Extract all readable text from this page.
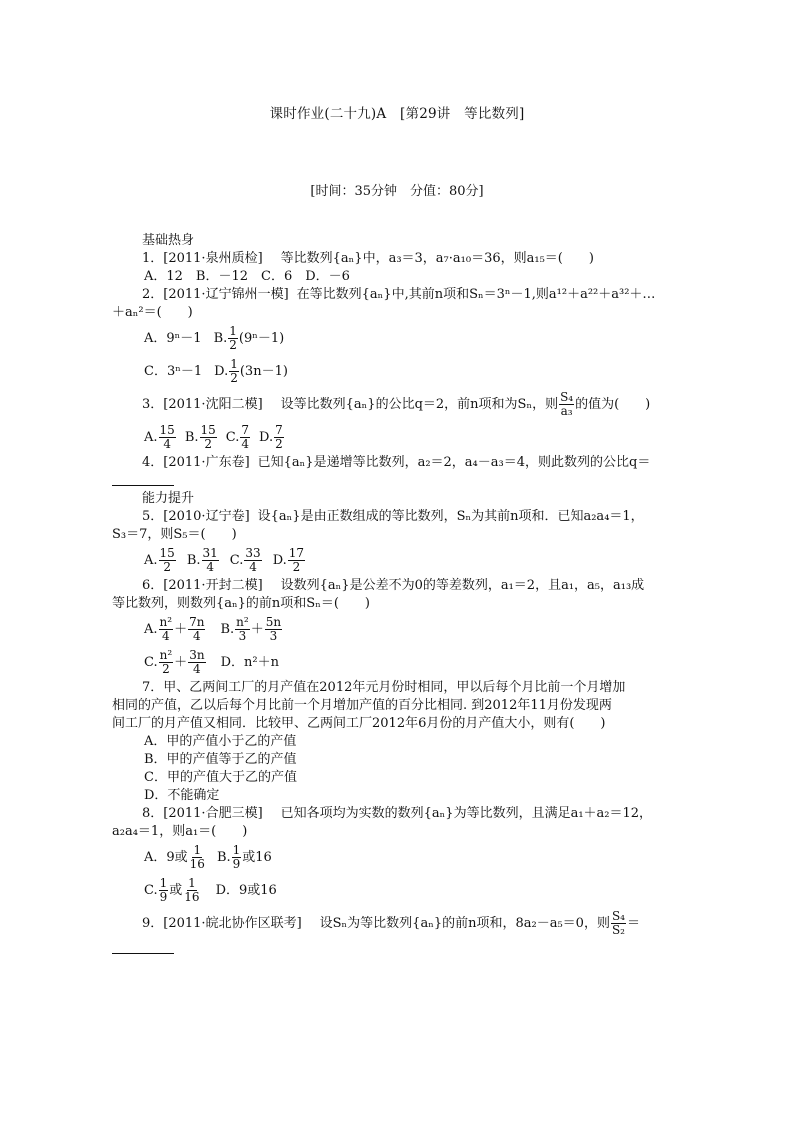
课时作业(二十九)A　[第29讲　等比数列]
[时间：35分钟　分值：80分]
基础热身
1．[2011·泉州质检] 等比数列{aₙ}中，a₃＝3，a₇·a₁₀＝36，则a₁₅＝(　　)
A．12　B．－12　C．6　D．－6
2．[2011·辽宁锦州一模] 在等比数列{aₙ}中,其前n项和Sₙ＝3ⁿ－1,则a¹²＋a²²＋a³²＋…
＋aₙ²＝(　　)
A．9ⁿ－1 B. $\frac{1}{2} (9^n-1)$
C．3ⁿ－1 D. $\frac{1}{2} (3n-1)$
3．[2011·沈阳二模] 设等比数列{aₙ}的公比q＝2，前n项和为Sₙ，则 $\frac{\text{S₄}}{\text{a₃}}$ 的值为(　　)
A. $\frac{15}{4} B$. $\frac{15}{2} C$. $\frac{7}{4} D$. $\frac{7}{2}$
4．[2011·广东卷] 已知{aₙ}是递增等比数列，a₂＝2，a₄－a₃＝4，则此数列的公比q＝
能力提升
5．[2010·辽宁卷] 设{aₙ}是由正数组成的等比数列，Sₙ为其前n项和．已知a₂a₄＝1，
S₃＝7，则S₅＝(　　)
A. $\frac{15}{2} B$. $\frac{31}{4} C$. $\frac{33}{4} D$. $\frac{17}{2}$
6．[2011·开封二模] 设数列{aₙ}是公差不为0的等差数列，a₁＝2，且a₁，a₅，a₁₃成
等比数列，则数列{aₙ}的前n项和Sₙ＝(　　)
A. $\frac{\text{n²}}{4} + \frac{7n}{4} B$. $\frac{\text{n²}}{3} + \frac{5n}{3}$
C. $\frac{\text{n²}}{2} + \frac{3n}{4}$ D．n²＋n
7．甲、乙两间工厂的月产值在2012年元月份时相同，甲以后每个月比前一个月增加
相同的产值，乙以后每个月比前一个月增加产值的百分比相同. 到2012年11月份发现两
间工厂的月产值又相同．比较甲、乙两间工厂2012年6月份的月产值大小，则有(　　)
A．甲的产值小于乙的产值
B．甲的产值等于乙的产值
C．甲的产值大于乙的产值
D．不能确定
8．[2011·合肥三模] 已知各项均为实数的数列{aₙ}为等比数列，且满足a₁＋a₂＝12，
a₂a₄＝1，则a₁＝(　　)
A．9或 $\frac{1}{16} B$. $\frac{1}{9}$ 或16
C. $\frac{1}{9}$ 或 $\frac{1}{16}$ D．9或16
9．[2011·皖北协作区联考] 设Sₙ为等比数列{aₙ}的前n项和，8a₂－a₅＝0，则 $\frac{\text{S₄}}{\text{S₂}}$ ＝
